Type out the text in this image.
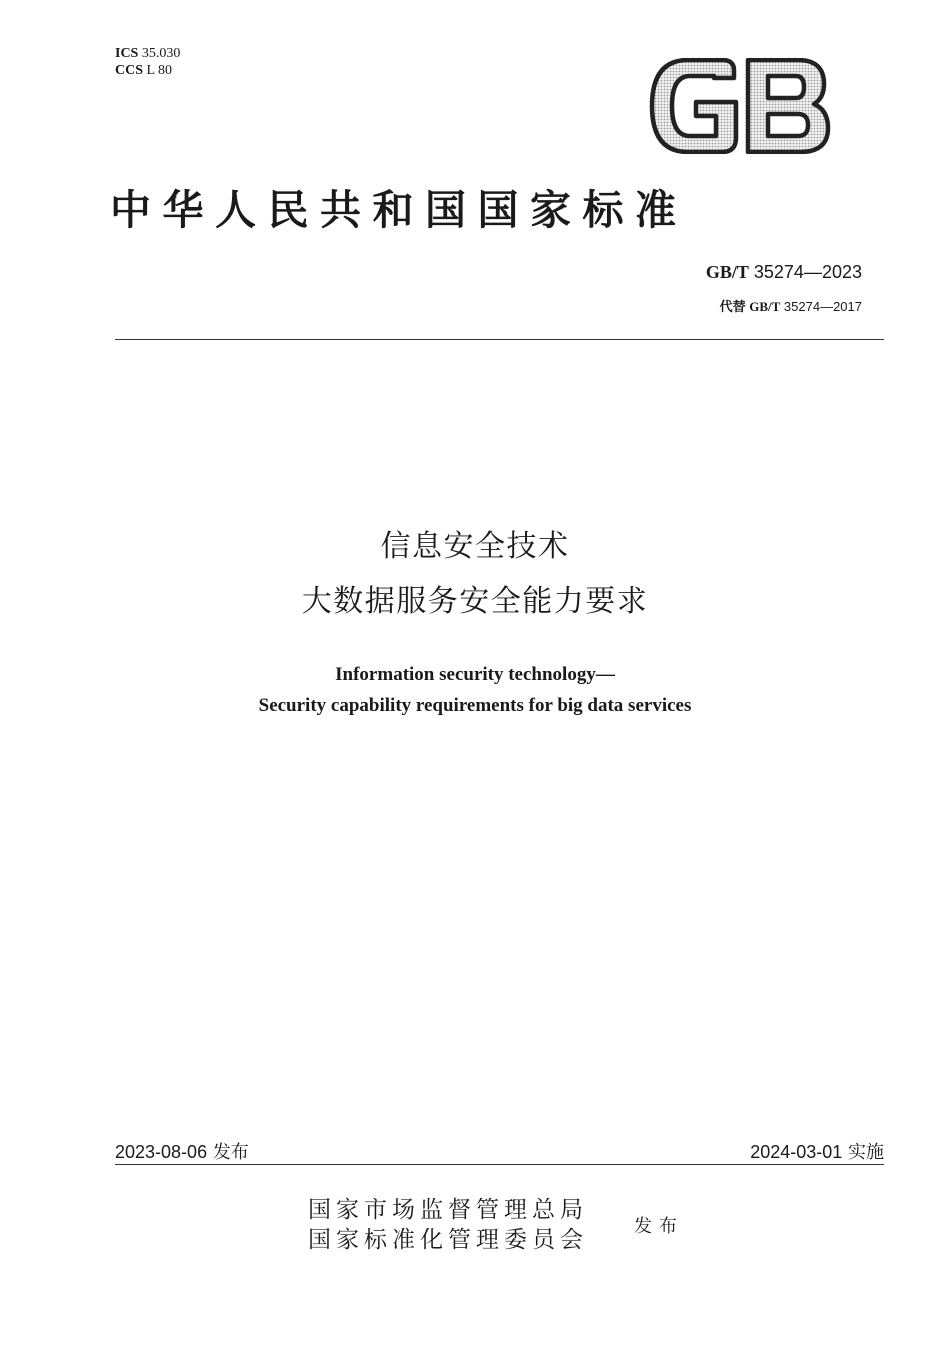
ICS 35.030
CCS L 80
中华人民共和国国家标准
GB/T 35274—2023
代替 GB/T 35274—2017
信息安全技术
大数据服务安全能力要求
Information security technology—
Security capability requirements for big data services
2023-08-06 发布	2024-03-01 实施
国家市场监督管理总局
国家标准化管理委员会
发布
